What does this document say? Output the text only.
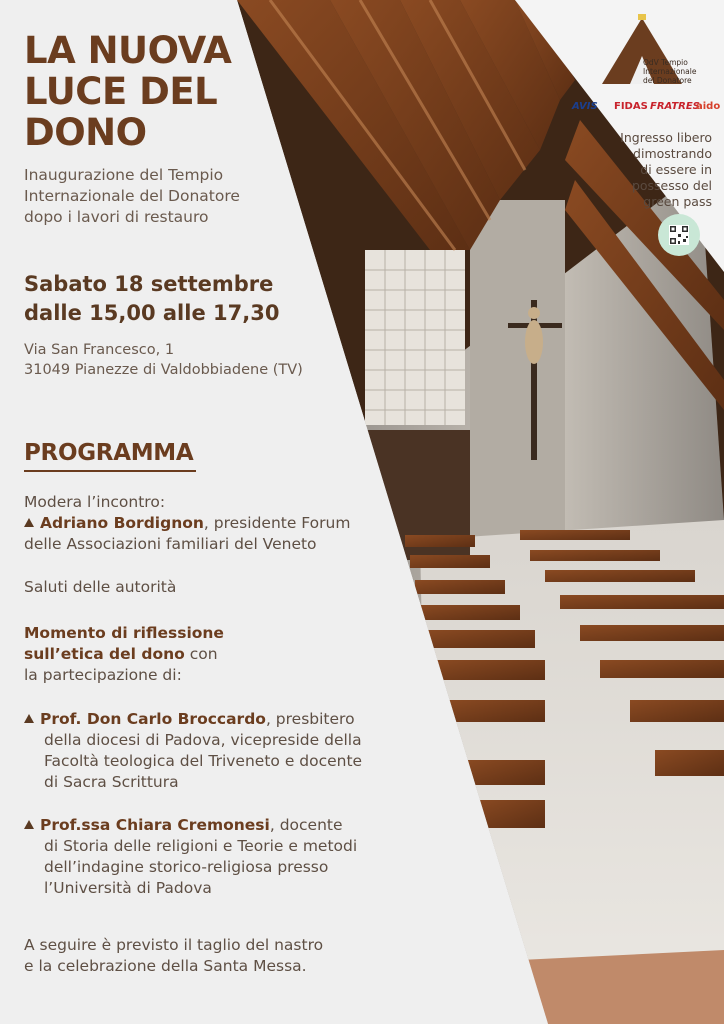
LA NUOVA
LUCE DEL
DONO
Inaugurazione del Tempio
Internazionale del Donatore
dopo i lavori di restauro
Sabato 18 settembre
dalle 15,00 alle 17,30
Via San Francesco, 1
31049 Pianezze di Valdobbiadene (TV)
PROGRAMMA
Modera l’incontro:
Adriano Bordignon, presidente Forum
delle Associazioni familiari del Veneto
Saluti delle autorità
Momento di riflessione
sull’etica del dono con
la partecipazione di:
Prof. Don Carlo Broccardo, presbitero
della diocesi di Padova, vicepreside della
Facoltà teologica del Triveneto e docente
di Sacra Scrittura
Prof.ssa Chiara Cremonesi, docente
di Storia delle religioni e Teorie e metodi
dell’indagine storico-religiosa presso
l’Università di Padova
A seguire è previsto il taglio del nastro
e la celebrazione della Santa Messa.
OdV Tempio
Internazionale
del Donatore
AVIS FIDAS FRATRES
aido
Ingresso libero
dimostrando
di essere in
possesso del
green pass
